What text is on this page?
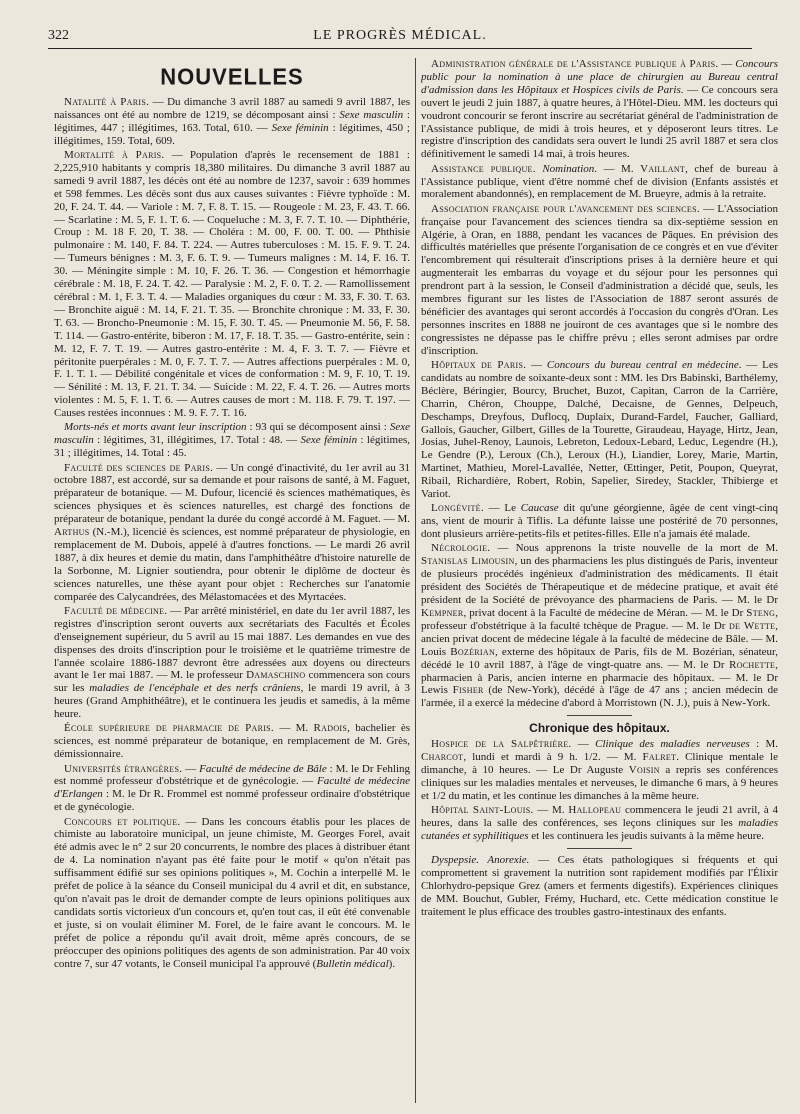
322	LE PROGRÈS MÉDICAL.
NOUVELLES

Natalité à Paris. — Du dimanche 3 avril 1887 au samedi 9 avril 1887, les naissances ont été au nombre de 1219, se décomposant ainsi : Sexe masculin : légitimes, 447 ; illégitimes, 163. Total, 610. — Sexe féminin : légitimes, 450 ; illégitimes, 159. Total, 609.

Mortalité à Paris. — Population d'après le recensement de 1881 : 2,225,910 habitants y compris 18,380 militaires. Du dimanche 3 avril 1887 au samedi 9 avril 1887, les décès ont été au nombre de 1237, savoir : 639 hommes et 598 femmes. Les décès sont dus aux causes suivantes : Fièvre typhoïde : M. 20, F. 24. T. 44. — Variole : M. 7, F. 8. T. 15. — Rougeole : M. 23, F. 43. T. 66. — Scarlatine : M. 5, F. 1. T. 6. — Coqueluche : M. 3, F. 7. T. 10. — Diphthérie, Croup : M. 18 F. 20, T. 38. — Choléra : M. 00, F. 00. T. 00. — Phthisie pulmonaire : M. 140, F. 84. T. 224. — Autres tuberculoses : M. 15. F. 9. T. 24. — Tumeurs bénignes : M. 3, F. 6. T. 9. — Tumeurs malignes : M. 14, F. 16. T. 30. — Méningite simple : M. 10, F. 26. T. 36. — Congestion et hémorrhagie cérébrale : M. 18, F. 24. T. 42. — Paralysie : M. 2, F. 0. T. 2. — Ramollissement cérébral : M. 1, F. 3. T. 4. — Maladies organiques du cœur : M. 33, F. 30. T. 63. — Bronchite aiguë : M. 14, F. 21. T. 35. — Bronchite chronique : M. 33, F. 30. T. 63. — Broncho-Pneumonie : M. 15, F. 30. T. 45. — Pneumonie M. 56, F. 58. T. 114. — Gastro-entérite, biberon : M. 17, F. 18. T. 35. — Gastro-entérite, sein : M. 12, F. 7. T. 19. — Autres gastro-entérite : M. 4, F. 3. T. 7. — Fièvre et péritonite puerpérales : M. 0, F. 7. T. 7. — Autres affections puerpérales : M. 0, F. 1. T. 1. — Débilité congénitale et vices de conformation : M. 9, F. 10, T. 19. — Sénilité : M. 13, F. 21. T. 34. — Suicide : M. 22, F. 4. T. 26. — Autres morts violentes : M. 5, F. 1. T. 6. — Autres causes de mort : M. 118. F. 79. T. 197. — Causes restées inconnues : M. 9. F. 7. T. 16.

Morts-nés et morts avant leur inscription : 93 qui se décomposent ainsi : Sexe masculin : légitimes, 31, illégitimes, 17. Total : 48. — Sexe féminin : légitimes, 31 ; illégitimes, 14. Total : 45.

Faculté des sciences de Paris. — Un congé d'inactivité, du 1er avril au 31 octobre 1887, est accordé, sur sa demande et pour raisons de santé, à M. Faguet, préparateur de botanique. — M. Dufour, licencié ès sciences mathématiques, ès sciences physiques et ès sciences naturelles, est chargé des fonctions de préparateur de botanique, pendant la durée du congé accordé à M. Faguet. — M. Arthus (N.-M.), licencié ès sciences, est nommé préparateur de physiologie, en remplacement de M. Dubois, appelé à d'autres fonctions. — Le mardi 26 avril 1887, à dix heures et demie du matin, dans l'amphithéâtre d'histoire naturelle de la Sorbonne, M. Lignier soutiendra, pour obtenir le diplôme de docteur ès sciences naturelles, une thèse ayant pour objet : Recherches sur l'anatomie comparée des Calycandrées, des Mélastomacées et des Myrtacées.

Faculté de médecine. — Par arrêté ministériel, en date du 1er avril 1887, les registres d'inscription seront ouverts aux secrétariats des Facultés et Écoles d'enseignement supérieur, du 5 avril au 15 mai 1887. Les demandes en vue des dispenses des droits d'inscription pour le troisième et le quatrième trimestre de l'année scolaire 1886-1887 devront être adressées aux doyens ou directeurs avant le 1er mai 1887. — M. le professeur Damaschino commencera son cours sur les maladies de l'encéphale et des nerfs crâniens, le mardi 19 avril, à 3 heures (Grand Amphithéâtre), et le continuera les jeudis et samedis, à la même heure.

École supérieure de pharmacie de Paris. — M. Radois, bachelier ès sciences, est nommé préparateur de botanique, en remplacement de M. Grès, démissionnaire.

Universités étrangères. — Faculté de médecine de Bâle : M. le Dr Fehling est nommé professeur d'obstétrique et de gynécologie. — Faculté de médecine d'Erlangen : M. le Dr R. Frommel est nommé professeur ordinaire d'obstétrique et de gynécologie.

Concours et politique. — Dans les concours établis pour les places de chimiste au laboratoire municipal, un jeune chimiste, M. Georges Forel, avait été admis avec le n° 2 sur 20 concurrents, le nombre des places à distribuer étant de 4. La nomination n'ayant pas été faite pour le motif « qu'on n'était pas suffisamment édifié sur ses opinions politiques », M. Cochin a interpellé M. le préfet de police à la séance du Conseil municipal du 4 avril et dit, en substance, qu'on n'avait pas le droit de demander compte de leurs opinions politiques aux candidats sortis victorieux d'un concours et, qu'en tout cas, il eût été convenable et juste, si on voulait éliminer M. Forel, de le faire avant le concours. M. le préfet de police a répondu qu'il avait droit, même après concours, de se préoccuper des opinions politiques des agents de son administration. Par 40 voix contre 7, sur 47 votants, le Conseil municipal l'a approuvé (Bulletin médical).

Administration générale de l'Assistance publique à Paris. — Concours public pour la nomination à une place de chirurgien au Bureau central d'admission dans les Hôpitaux et Hospices civils de Paris. — Ce concours sera ouvert le jeudi 2 juin 1887, à quatre heures, à l'Hôtel-Dieu. MM. les docteurs qui voudront concourir se feront inscrire au secrétariat général de l'administration de l'Assistance publique, de midi à trois heures, et y déposeront leurs titres. Le registre d'inscription des candidats sera ouvert le lundi 25 avril 1887 et sera clos définitivement le samedi 14 mai, à trois heures.

Assistance publique. Nomination. — M. Vaillant, chef de bureau à l'Assistance publique, vient d'être nommé chef de division (Enfants assistés et moralement abandonnés), en remplacement de M. Brueyre, admis à la retraite.

Association française pour l'avancement des sciences. — L'Association française pour l'avancement des sciences tiendra sa dix-septième session en Algérie, à Oran, en 1888, pendant les vacances de Pâques. En prévision des difficultés matérielles que présente l'organisation de ce congrès et en vue d'éviter l'encombrement qui résulterait d'inscriptions prises à la dernière heure et qui augmenterait les embarras du voyage et du séjour pour les personnes qui prendront part à la session, le Conseil d'administration a décidé que, seuls, les membres figurant sur les listes de l'Association de 1887 seront assurés de bénéficier des avantages qui seront accordés à l'occasion du congrès d'Oran. Les personnes inscrites en 1888 ne jouiront de ces avantages que si le nombre des congressistes ne dépasse pas le chiffre prévu ; elles seront admises par ordre d'inscription.

Hôpitaux de Paris. — Concours du bureau central en médecine. — Les candidats au nombre de soixante-deux sont : MM. les Drs Babinski, Barthélemy, Béclère, Béringier, Bourcy, Bruchet, Buzot, Capitan, Carron de la Carrière, Charrin, Chéron, Chouppe, Dalché, Decaisne, de Gennes, Delpeuch, Deschamps, Dreyfous, Duflocq, Duplaix, Durand-Fardel, Faucher, Galliard, Gallois, Gaucher, Gilbert, Gilles de la Tourette, Giraudeau, Hayage, Hirtz, Jean, Josias, Juhel-Renoy, Launois, Lebreton, Ledoux-Lebard, Leduc, Legendre (H.), Le Gendre (P.), Leroux (Ch.), Leroux (H.), Liandier, Lorey, Marie, Martin, Martinet, Mathieu, Morel-Lavallée, Netter, Œttinger, Petit, Poupon, Queyrat, Ribail, Richardière, Robert, Robin, Sapelier, Siredey, Stackler, Thibierge et Variot.

Longévité. — Le Caucase dit qu'une géorgienne, âgée de cent vingt-cinq ans, vient de mourir à Tiflis. La défunte laisse une postérité de 70 personnes, dont plusieurs arrière-petits-fils et petites-filles. Elle n'a jamais été malade.

Nécrologie. — Nous apprenons la triste nouvelle de la mort de M. Stanislas Limousin, un des pharmaciens les plus distingués de Paris, inventeur de plusieurs procédés ingénieux d'administration des médicaments. Il était président des Sociétés de Thérapeutique et de médecine pratique, et avait été président de la Société de prévoyance des pharmaciens de Paris. — M. le Dr Kempner, privat docent à la Faculté de médecine de Méran. — M. le Dr Steng, professeur d'obstétrique à la faculté tchèque de Prague. — M. le Dr de Wette, ancien privat docent de médecine légale à la faculté de médecine de Bâle. — M. Louis Bozérian, externe des hôpitaux de Paris, fils de M. Bozérian, sénateur, décédé le 10 avril 1887, à l'âge de vingt-quatre ans. — M. le Dr Rochette, pharmacien à Paris, ancien interne en pharmacie des hôpitaux. — M. le Dr Lewis Fisher (de New-York), décédé à l'âge de 47 ans ; ancien médecin de l'armée, il a exercé la médecine d'abord à Morristown (N. J.), puis à New-York.

Chronique des hôpitaux.

Hospice de la Salpêtrière. — Clinique des maladies nerveuses : M. Charcot, lundi et mardi à 9 h. 1/2. — M. Falret. Clinique mentale le dimanche, à 10 heures. — Le Dr Auguste Voisin a repris ses conférences cliniques sur les maladies mentales et nerveuses, le dimanche 6 mars, à 9 heures et 1/2 du matin, et les continue les dimanches à la même heure.

Hôpital Saint-Louis. — M. Hallopeau commencera le jeudi 21 avril, à 4 heures, dans la salle des conférences, ses leçons cliniques sur les maladies cutanées et syphilitiques et les continuera les jeudis suivants à la même heure.

Dyspepsie. Anorexie. — Ces états pathologiques si fréquents et qui compromettent si gravement la nutrition sont rapidement modifiés par l'Élixir Chlorhydro-pepsique Grez (amers et ferments digestifs). Expériences cliniques de MM. Bouchut, Gubler, Frémy, Huchard, etc. Cette médication constitue le traitement le plus efficace des troubles gastro-intestinaux des enfants.
